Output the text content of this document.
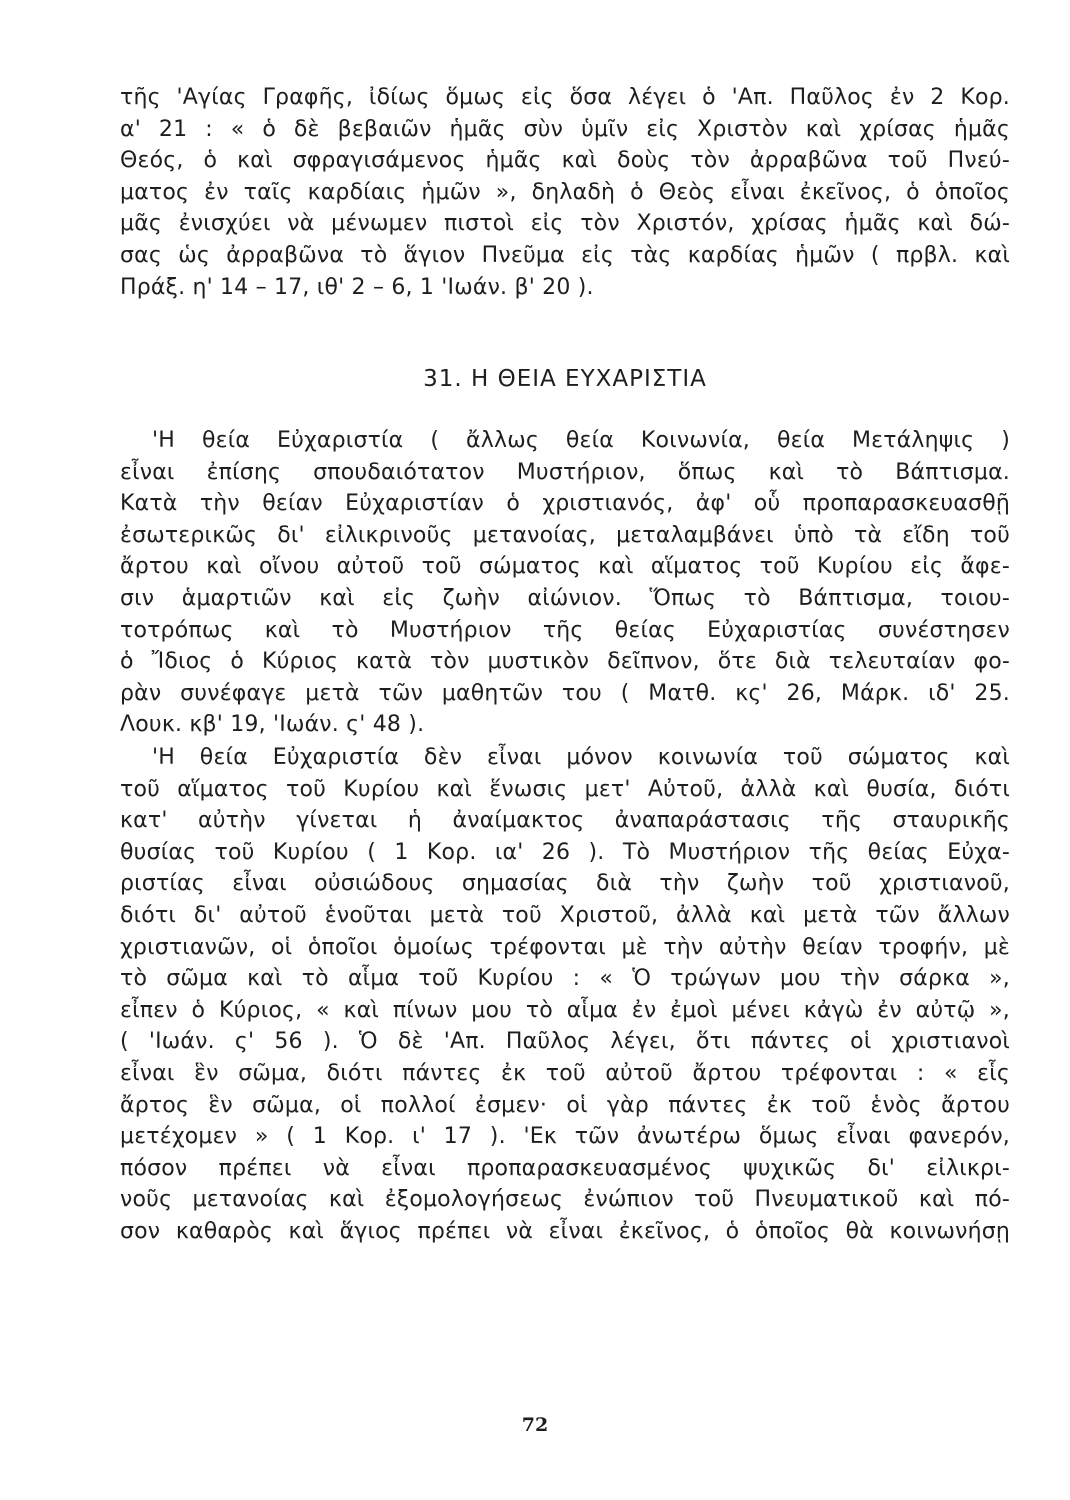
τῆς 'Αγίας Γραφῆς, ἰδίως ὅμως εἰς ὅσα λέγει ὁ 'Απ. Παῦλος ἐν 2 Κορ.
α' 21 : « ὁ δὲ βεβαιῶν ἡμᾶς σὺν ὑμῖν εἰς Χριστὸν καὶ χρίσας ἡμᾶς
Θεός, ὁ καὶ σφραγισάμενος ἡμᾶς καὶ δοὺς τὸν ἀρραβῶνα τοῦ Πνεύ-
ματος ἐν ταῖς καρδίαις ἡμῶν », δηλαδὴ ὁ Θεὸς εἶναι ἐκεῖνος, ὁ ὁποῖος
μᾶς ἐνισχύει νὰ μένωμεν πιστοὶ εἰς τὸν Χριστόν, χρίσας ἡμᾶς καὶ δώ-
σας ὡς ἀρραβῶνα τὸ ἅγιον Πνεῦμα εἰς τὰς καρδίας ἡμῶν ( πρβλ. καὶ
Πράξ. η' 14 – 17, ιθ' 2 – 6, 1 'Ιωάν. β' 20 ).
31. Η ΘΕΙΑ ΕΥΧΑΡΙΣΤΙΑ
'Η θεία Εὐχαριστία ( ἄλλως θεία Κοινωνία, θεία Μετάληψις )
εἶναι ἐπίσης σπουδαιότατον Μυστήριον, ὅπως καὶ τὸ Βάπτισμα.
Κατὰ τὴν θείαν Εὐχαριστίαν ὁ χριστιανός, ἀφ' οὗ προπαρασκευασθῇ
ἐσωτερικῶς δι' εἰλικρινοῦς μετανοίας, μεταλαμβάνει ὑπὸ τὰ εἴδη τοῦ
ἄρτου καὶ οἴνου αὐτοῦ τοῦ σώματος καὶ αἵματος τοῦ Κυρίου εἰς ἄφε-
σιν ἁμαρτιῶν καὶ εἰς ζωὴν αἰώνιον. Ὅπως τὸ Βάπτισμα, τοιου-
τοτρόπως καὶ τὸ Μυστήριον τῆς θείας Εὐχαριστίας συνέστησεν
ὁ Ἴδιος ὁ Κύριος κατὰ τὸν μυστικὸν δεῖπνον, ὅτε διὰ τελευταίαν φο-
ρὰν συνέφαγε μετὰ τῶν μαθητῶν του ( Ματθ. κς' 26, Μάρκ. ιδ' 25.
Λουκ. κβ' 19, 'Ιωάν. ς' 48 ).
'Η θεία Εὐχαριστία δὲν εἶναι μόνον κοινωνία τοῦ σώματος καὶ
τοῦ αἵματος τοῦ Κυρίου καὶ ἕνωσις μετ' Αὐτοῦ, ἀλλὰ καὶ θυσία, διότι
κατ' αὐτὴν γίνεται ἡ ἀναίμακτος ἀναπαράστασις τῆς σταυρικῆς
θυσίας τοῦ Κυρίου ( 1 Κορ. ια' 26 ). Τὸ Μυστήριον τῆς θείας Εὐχα-
ριστίας εἶναι οὐσιώδους σημασίας διὰ τὴν ζωὴν τοῦ χριστιανοῦ,
διότι δι' αὐτοῦ ἑνοῦται μετὰ τοῦ Χριστοῦ, ἀλλὰ καὶ μετὰ τῶν ἄλλων
χριστιανῶν, οἱ ὁποῖοι ὁμοίως τρέφονται μὲ τὴν αὐτὴν θείαν τροφήν, μὲ
τὸ σῶμα καὶ τὸ αἷμα τοῦ Κυρίου : « Ὁ τρώγων μου τὴν σάρκα »,
εἶπεν ὁ Κύριος, « καὶ πίνων μου τὸ αἷμα ἐν ἐμοὶ μένει κἀγὼ ἐν αὐτῷ »,
( 'Ιωάν. ς' 56 ). Ὁ δὲ 'Απ. Παῦλος λέγει, ὅτι πάντες οἱ χριστιανοὶ
εἶναι ἓν σῶμα, διότι πάντες ἐκ τοῦ αὐτοῦ ἄρτου τρέφονται : « εἷς
ἄρτος ἓν σῶμα, οἱ πολλοί ἐσμεν· οἱ γὰρ πάντες ἐκ τοῦ ἑνὸς ἄρτου
μετέχομεν » ( 1 Κορ. ι' 17 ). 'Εκ τῶν ἀνωτέρω ὅμως εἶναι φανερόν,
πόσον πρέπει νὰ εἶναι προπαρασκευασμένος ψυχικῶς δι' εἰλικρι-
νοῦς μετανοίας καὶ ἐξομολογήσεως ἐνώπιον τοῦ Πνευματικοῦ καὶ πό-
σον καθαρὸς καὶ ἅγιος πρέπει νὰ εἶναι ἐκεῖνος, ὁ ὁποῖος θὰ κοινωνήσῃ
72
